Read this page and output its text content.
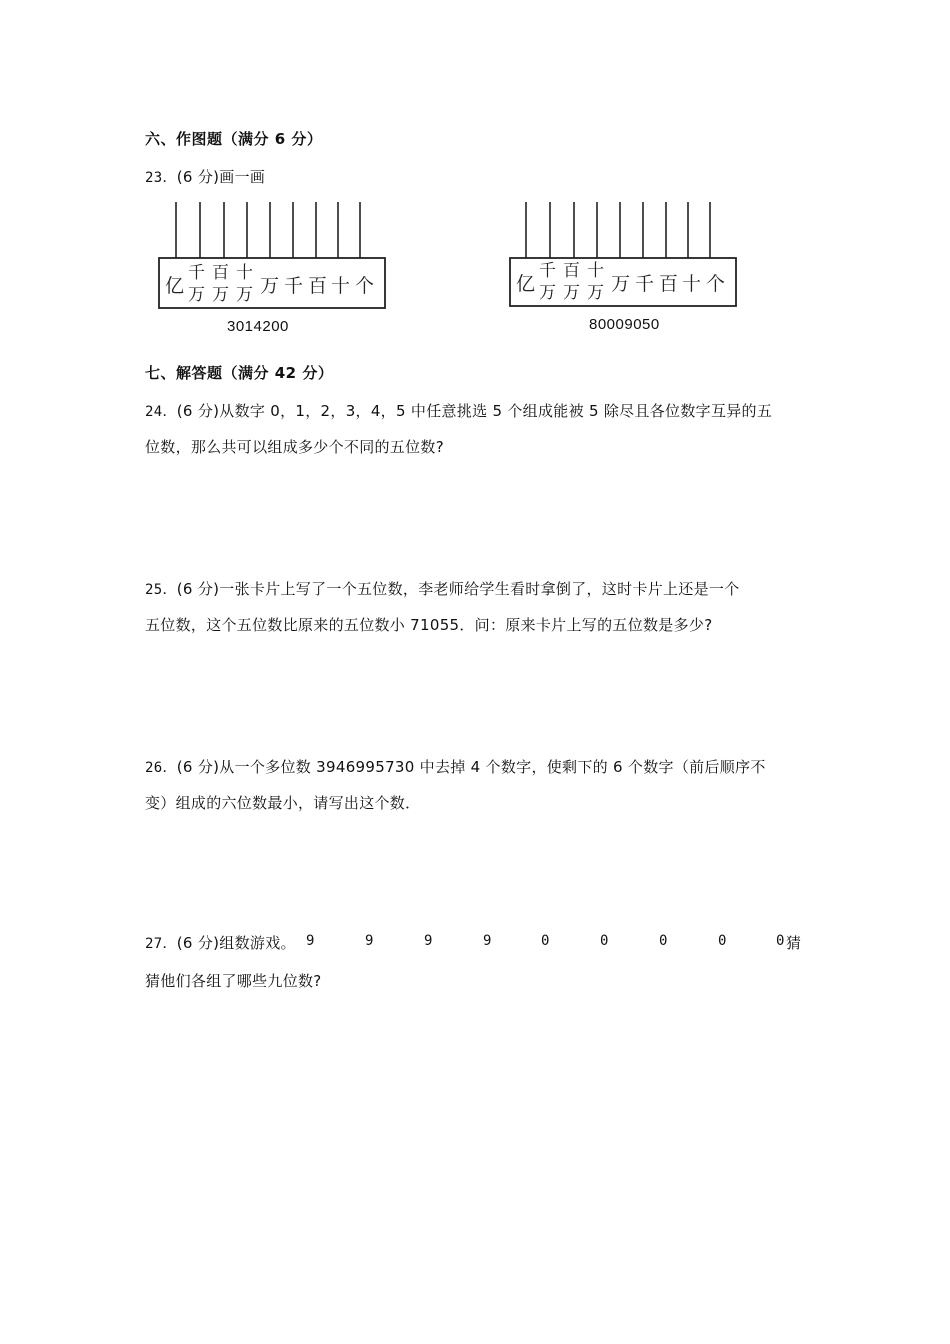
六、作图题（满分 6 分）
23．(6 分)画一画
亿
千
万
百
万
十
万 万 千 百 十 个
3014200
亿
千
万
百
万
十
万 万 千 百 十 个
80009050
七、解答题（满分 42 分）
24．(6 分)从数字 0，1，2，3，4，5 中任意挑选 5 个组成能被 5 除尽且各位数字互异的五
位数，那么共可以组成多少个不同的五位数?
25．(6 分)一张卡片上写了一个五位数，李老师给学生看时拿倒了，这时卡片上还是一个
五位数，这个五位数比原来的五位数小 71055．问：原来卡片上写的五位数是多少?
26．(6 分)从一个多位数 3946995730 中去掉 4 个数字，使剩下的 6 个数字（前后顺序不
变）组成的六位数最小，请写出这个数．
27．(6 分)组数游戏。 9	9	9	9	0	0	0	0	0 猜
猜他们各组了哪些九位数?
